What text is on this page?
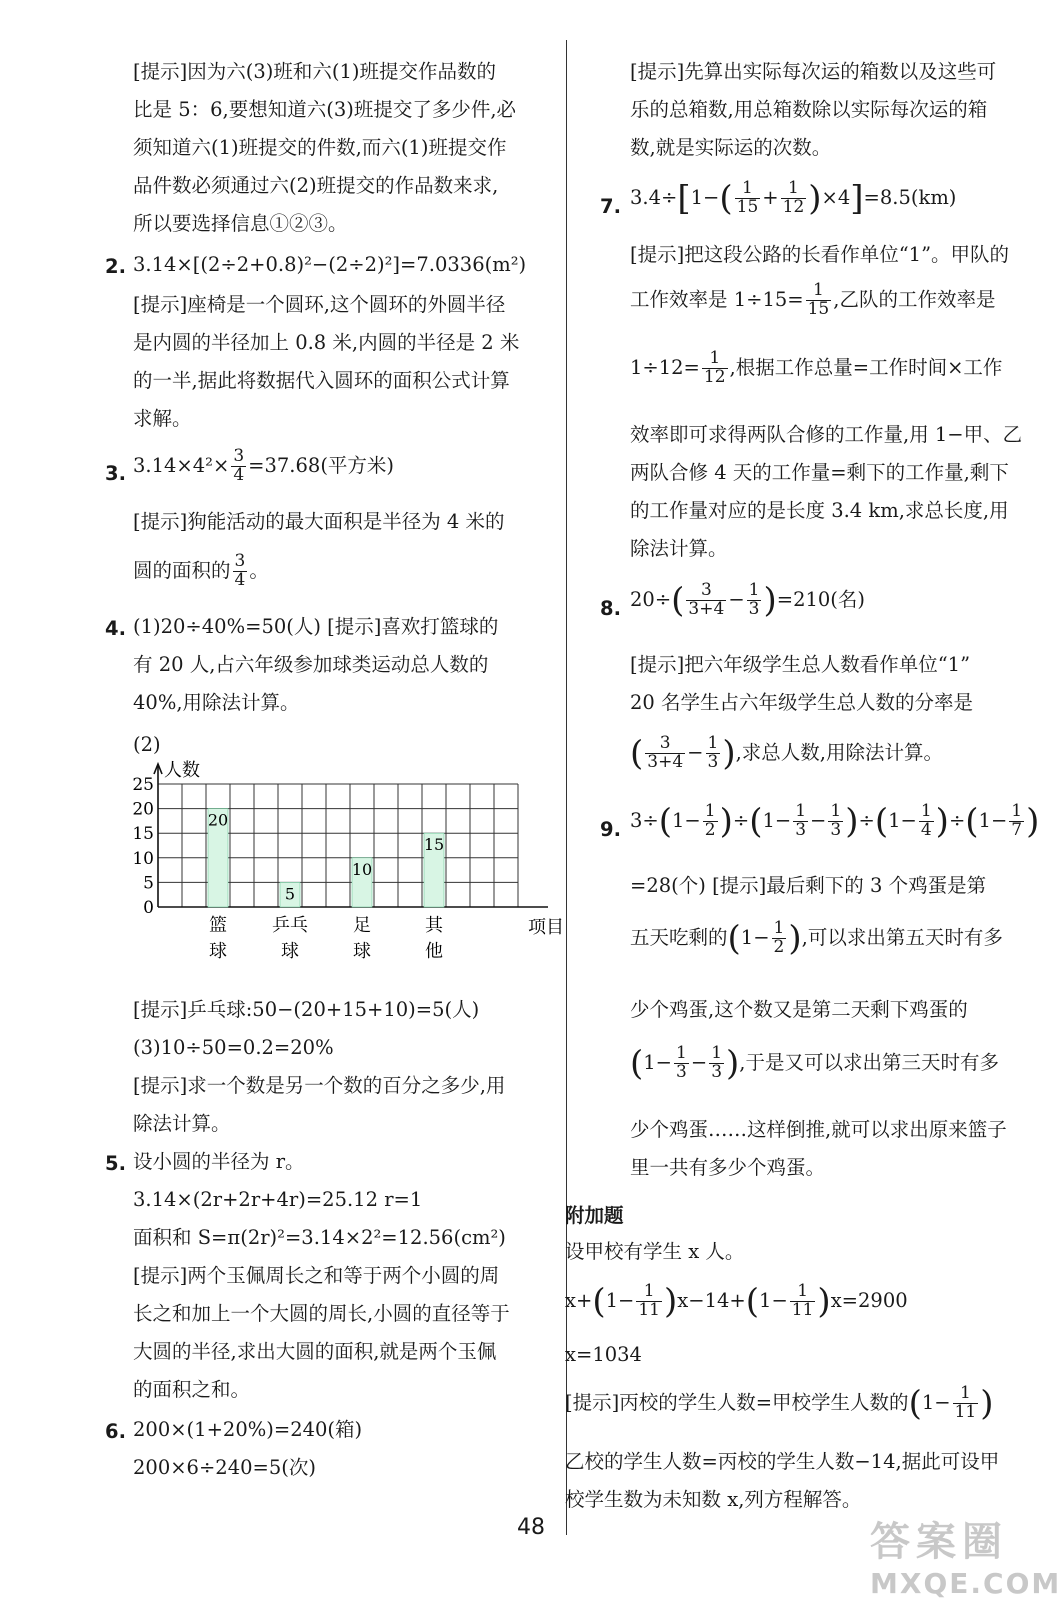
[提示]因为六(3)班和六(1)班提交作品数的
比是 5：6,要想知道六(3)班提交了多少件,必
须知道六(1)班提交的件数,而六(1)班提交作
品件数必须通过六(2)班提交的作品数来求,
所以要选择信息①②③。
2. 3.14×[(2÷2+0.8)²−(2÷2)²]=7.0336(m²)
[提示]座椅是一个圆环,这个圆环的外圆半径
是内圆的半径加上 0.8 米,内圆的半径是 2 米
的一半,据此将数据代入圆环的面积公式计算
求解。
3. $3.14\times 4^2\times \frac{3}{4} =37.68$(平方米)
[提示]狗能活动的最大面积是半径为 4 米的
圆的面积的 $\frac{3}{4}$ 。
4. (1)20÷40%=50(人) [提示]喜欢打篮球的
有 20 人,占六年级参加球类运动总人数的
40%,用除法计算。
(2)
人数
0
5
10
15
20
25
20
篮
球
5
乒乓
球
10
足
球
15
其
他
项目
[提示]乒乓球:50−(20+15+10)=5(人)
(3)10÷50=0.2=20%
[提示]求一个数是另一个数的百分之多少,用
除法计算。
5. 设小圆的半径为 r。
3.14×(2r+2r+4r)=25.12 r=1
面积和 S=π(2r)²=3.14×2²=12.56(cm²)
[提示]两个玉佩周长之和等于两个小圆的周
长之和加上一个大圆的周长,小圆的直径等于
大圆的半径,求出大圆的面积,就是两个玉佩
的面积之和。
6. 200×(1+20%)=240(箱)
200×6÷240=5(次)
[提示]先算出实际每次运的箱数以及这些可
乐的总箱数,用总箱数除以实际每次运的箱
数,就是实际运的次数。
7. $3.4\div[1-( \frac{1}{15} + \frac{1}{12} )\times 4]=8.5(km)$
[提示]把这段公路的长看作单位“1”。甲队的
工作效率是 $1\div 15= \frac{1}{15}$ ,乙队的工作效率是
$1\div 12= \frac{1}{12}$ ,根据工作总量=工作时间×工作
效率即可求得两队合修的工作量,用 1−甲、乙
两队合修 4 天的工作量=剩下的工作量,剩下
的工作量对应的是长度 3.4 km,求总长度,用
除法计算。
8. $20\div( \frac{3}{3+4} - \frac{1}{3} )=210$(名)
[提示]把六年级学生总人数看作单位“1”
20 名学生占六年级学生总人数的分率是
( $\frac{3}{3+4} - \frac{1}{3}$ ),求总人数,用除法计算。
9. $3\div(1- \frac{1}{2} )\div(1- \frac{1}{3} - \frac{1}{3} )\div(1- \frac{1}{4} )\div(1- \frac{1}{7}$ )
=28(个) [提示]最后剩下的 3 个鸡蛋是第
五天吃剩的($1- \frac{1}{2}$ ),可以求出第五天时有多
少个鸡蛋,这个数又是第二天剩下鸡蛋的
($1- \frac{1}{3} - \frac{1}{3}$ ),于是又可以求出第三天时有多
少个鸡蛋……这样倒推,就可以求出原来篮子
里一共有多少个鸡蛋。
附加题
设甲校有学生 x 人。
$x+(1- \frac{1}{11} )x-14+(1- \frac{1}{11} )x=2900$
x=1034
[提示]丙校的学生人数=甲校学生人数的($1- \frac{1}{11}$ )
乙校的学生人数=丙校的学生人数−14,据此可设甲
校学生数为未知数 x,列方程解答。
48	答案圈
MXQE.COM
